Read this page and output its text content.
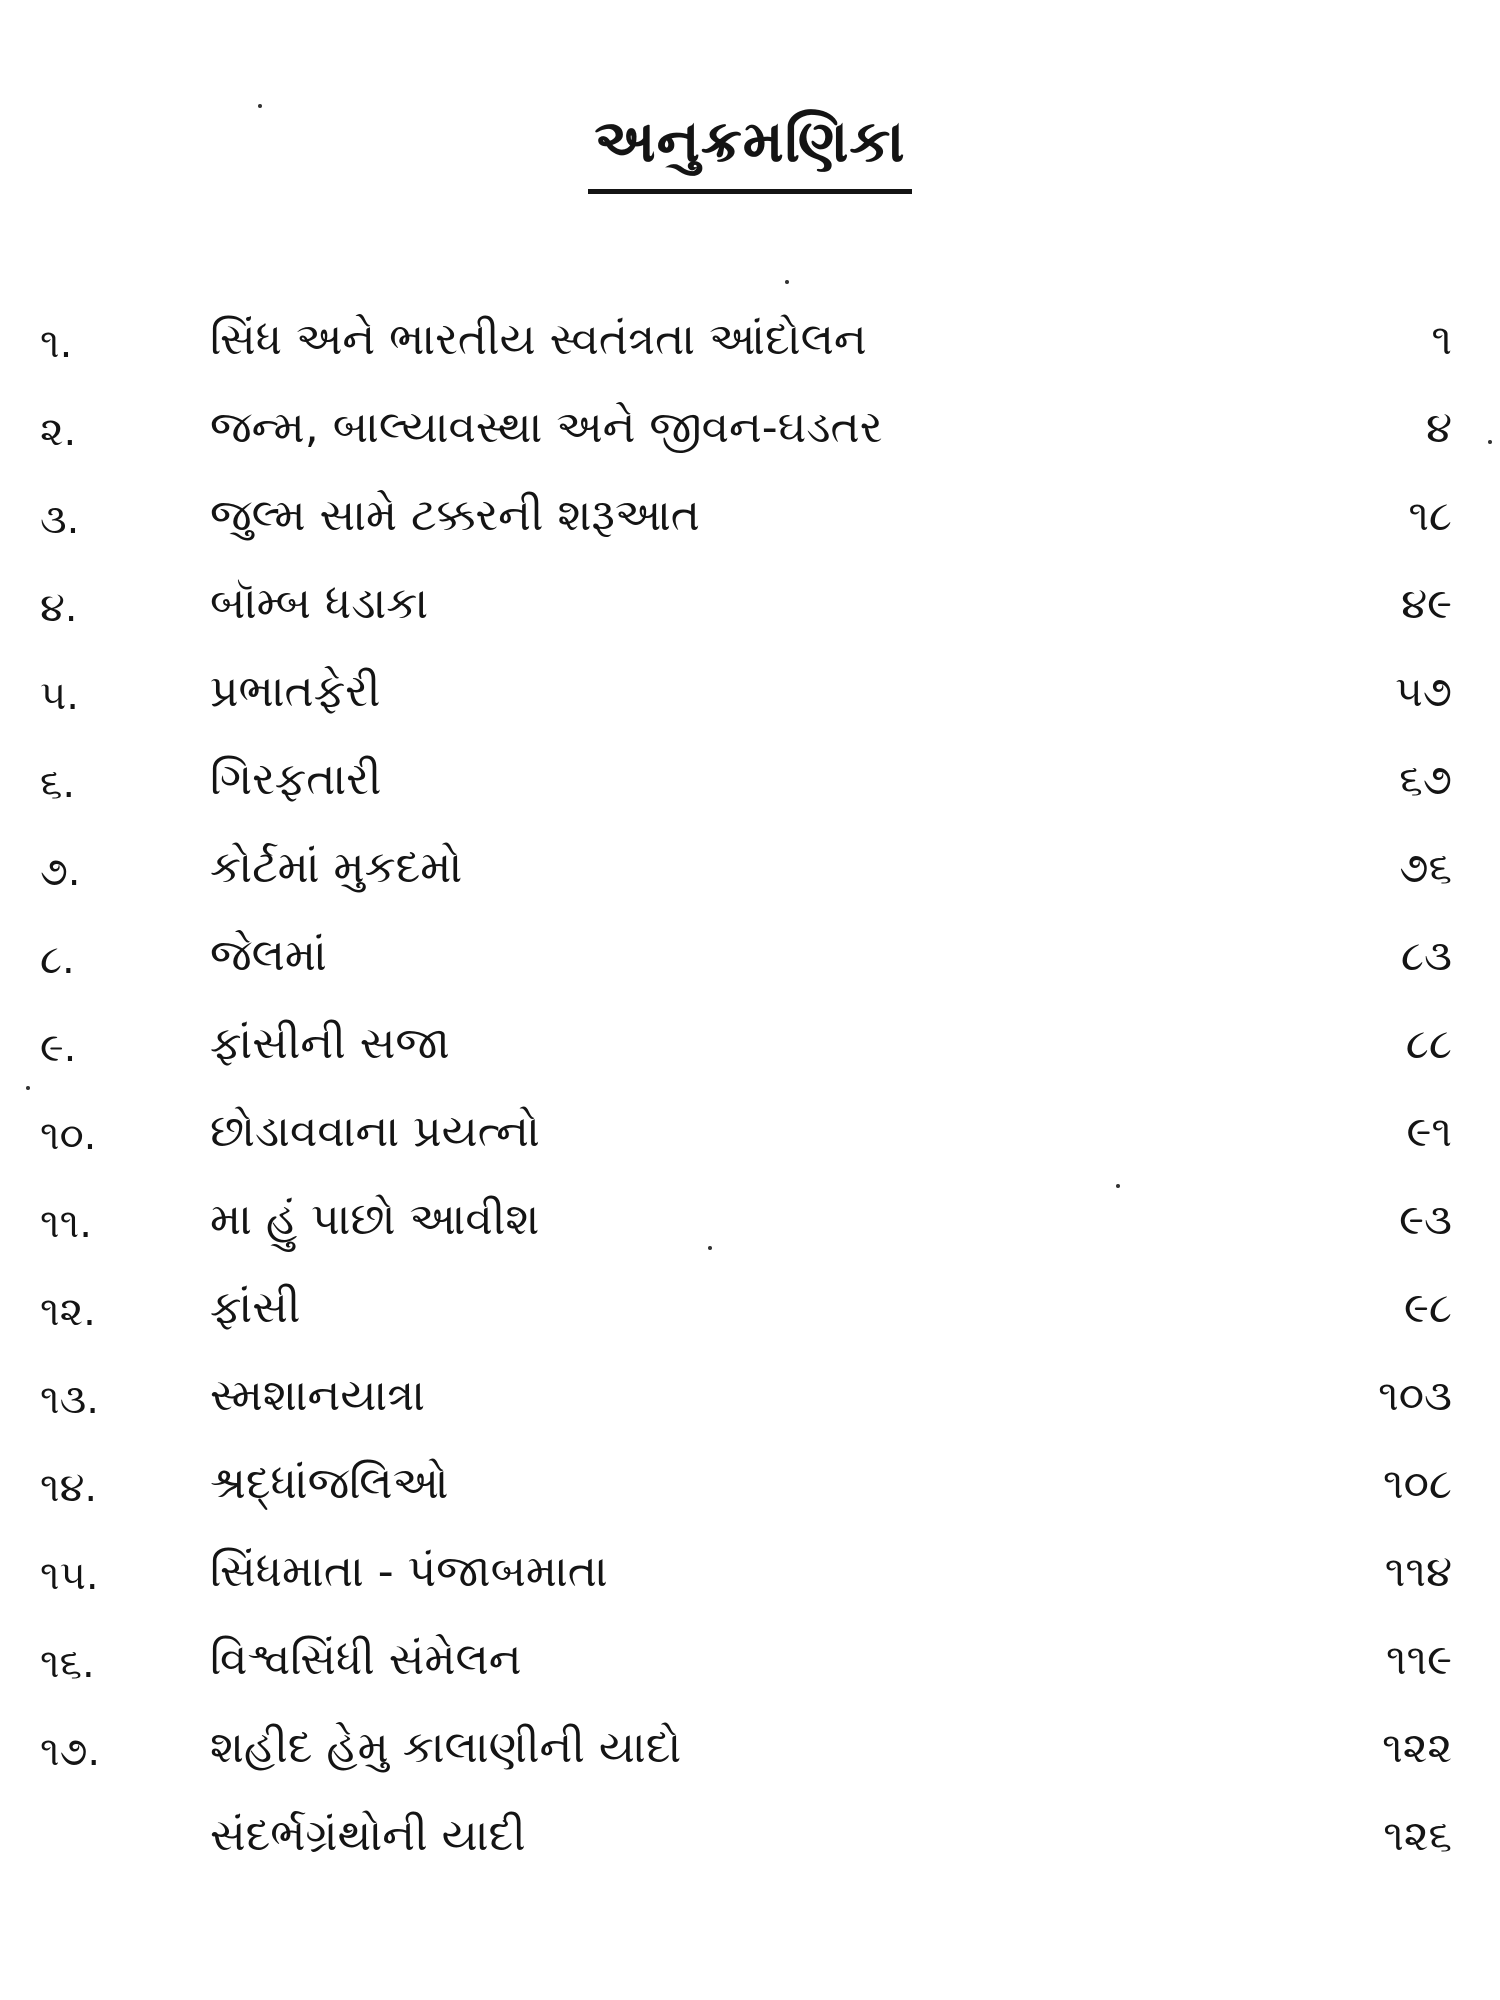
અનુક્રમણિકા
૧.	સિંધ અને ભારતીય સ્વતંત્રતા આંદોલન	૧
૨.	જન્મ, બાલ્યાવસ્થા અને જીવન-ઘડતર	૪
૩.	જુલ્મ સામે ટક્કરની શરૂઆત	૧૮
૪.	બૉમ્બ ધડાકા	૪૯
૫.	પ્રભાતફેરી	૫૭
૬.	ગિરફતારી	૬૭
૭.	કોર્ટમાં મુકદમો	૭૬
૮.	જેલમાં	૮૩
૯.	ફાંસીની સજા	૮૮
૧૦.	છોડાવવાના પ્રયત્નો	૯૧
૧૧.	મા હું પાછો આવીશ	૯૩
૧૨.	ફાંસી	૯૮
૧૩.	સ્મશાનયાત્રા	૧૦૩
૧૪.	શ્રદ્ધાંજલિઓ	૧૦૮
૧૫.	સિંધમાતા - પંજાબમાતા	૧૧૪
૧૬.	વિશ્વસિંધી સંમેલન	૧૧૯
૧૭. શહીદ હેમુ કાલાણીની યાદો	૧૨૨
સંદર્ભગ્રંથોની યાદી	૧૨૬
